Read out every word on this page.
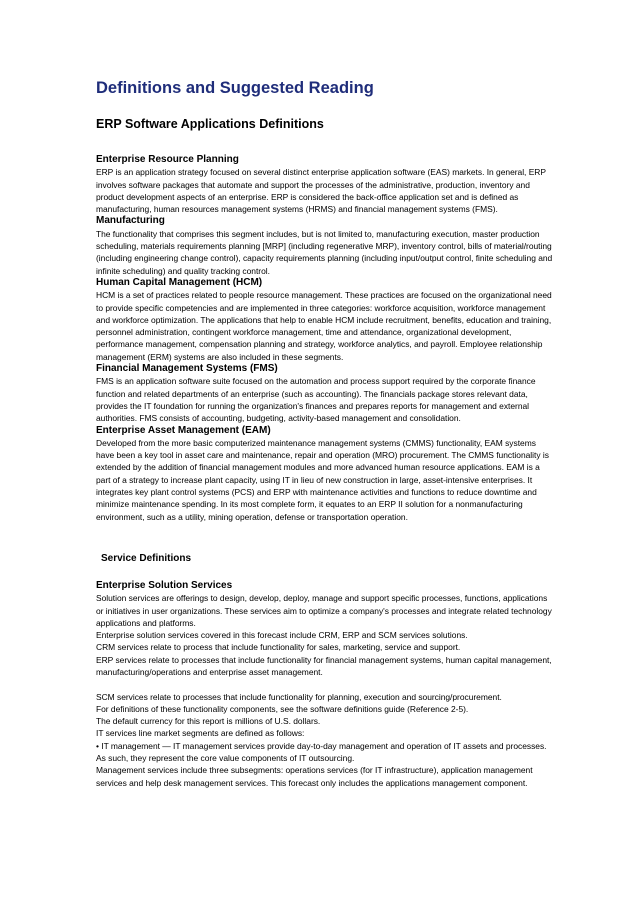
Definitions and Suggested Reading
ERP Software Applications Definitions
Enterprise Resource Planning

ERP is an application strategy focused on several distinct enterprise application software (EAS) markets. In general, ERP involves software packages that automate and support the processes of the administrative, production, inventory and product development aspects of an enterprise. ERP is considered the back-office application set and is defined as manufacturing, human resources management systems (HRMS) and financial management systems (FMS).

Manufacturing

The functionality that comprises this segment includes, but is not limited to, manufacturing execution, master production scheduling, materials requirements planning [MRP] (including regenerative MRP), inventory control, bills of material/routing (including engineering change control), capacity requirements planning (including input/output control, finite scheduling and infinite scheduling) and quality tracking control.

Human Capital Management (HCM)

HCM is a set of practices related to people resource management. These practices are focused on the organizational need to provide specific competencies and are implemented in three categories: workforce acquisition, workforce management and workforce optimization. The applications that help to enable HCM include recruitment, benefits, education and training, personnel administration, contingent workforce management, time and attendance, organizational development, performance management, compensation planning and strategy, workforce analytics, and payroll. Employee relationship management (ERM) systems are also included in these segments.

Financial Management Systems (FMS)

FMS is an application software suite focused on the automation and process support required by the corporate finance function and related departments of an enterprise (such as accounting). The financials package stores relevant data, provides the IT foundation for running the organization's finances and prepares reports for management and external authorities. FMS consists of accounting, budgeting, activity-based management and consolidation.

Enterprise Asset Management (EAM)

Developed from the more basic computerized maintenance management systems (CMMS) functionality, EAM systems have been a key tool in asset care and maintenance, repair and operation (MRO) procurement. The CMMS functionality is extended by the addition of financial management modules and more advanced human resource applications. EAM is a part of a strategy to increase plant capacity, using IT in lieu of new construction in large, asset-intensive enterprises. It integrates key plant control systems (PCS) and ERP with maintenance activities and functions to reduce downtime and minimize maintenance spending. In its most complete form, it equates to an ERP II solution for a nonmanufacturing environment, such as a utility, mining operation, defense or transportation operation.

Service Definitions
Enterprise Solution Services

Solution services are offerings to design, develop, deploy, manage and support specific processes, functions, applications or initiatives in user organizations. These services aim to optimize a company's processes and integrate related technology applications and platforms.

Enterprise solution services covered in this forecast include CRM, ERP and SCM services solutions.

CRM services relate to process that include functionality for sales, marketing, service and support.

ERP services relate to processes that include functionality for financial management systems, human capital management, manufacturing/operations and enterprise asset management.

SCM services relate to processes that include functionality for planning, execution and sourcing/procurement.

For definitions of these functionality components, see the software definitions guide (Reference 2-5).

The default currency for this report is millions of U.S. dollars.

IT services line market segments are defined as follows:

• IT management — IT management services provide day-to-day management and operation of IT assets and processes. As such, they represent the core value components of IT outsourcing.

Management services include three subsegments: operations services (for IT infrastructure), application management services and help desk management services. This forecast only includes the applications management component.
